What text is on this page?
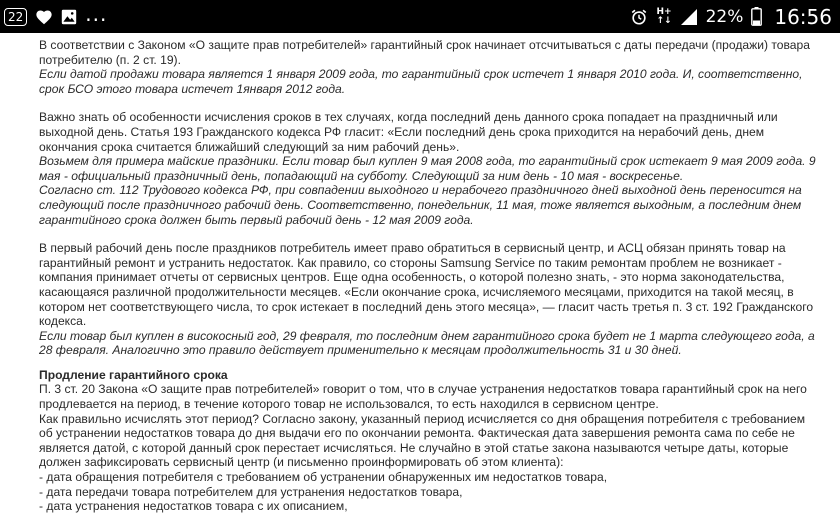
22	...	H+
↑↓ 22% 16:56

В соответствии с Законом «О защите прав потребителей» гарантийный срок начинает отсчитываться с даты передачи (продажи) товара потребителю (п. 2 ст. 19).

Если датой продажи товара является 1 января 2009 года, то гарантийный срок истечет 1 января 2010 года. И, соответственно, срок БСО этого товара истечет 1января 2012 года.

Важно знать об особенности исчисления сроков в тех случаях, когда последний день данного срока попадает на праздничный или выходной день. Статья 193 Гражданского кодекса РФ гласит: «Если последний день срока приходится на нерабочий день, днем окончания срока считается ближайший следующий за ним рабочий день».

Возьмем для примера майские праздники. Если товар был куплен 9 мая 2008 года, то гарантийный срок истекает 9 мая 2009 года. 9 мая - официальный праздничный день, попадающий на субботу. Следующий за ним день - 10 мая - воскресенье.

Согласно ст. 112 Трудового кодекса РФ, при совпадении выходного и нерабочего праздничного дней выходной день переносится на следующий после праздничного рабочий день. Соответственно, понедельник, 11 мая, тоже является выходным, а последним днем гарантийного срока должен быть первый рабочий день - 12 мая 2009 года.

В первый рабочий день после праздников потребитель имеет право обратиться в сервисный центр, и АСЦ обязан принять товар на гарантийный ремонт и устранить недостаток. Как правило, со стороны Samsung Service по таким ремонтам проблем не возникает - компания принимает отчеты от сервисных центров. Еще одна особенность, о которой полезно знать, - это норма законодательства, касающаяся различной продолжительности месяцев. «Если окончание срока, исчисляемого месяцами, приходится на такой месяц, в котором нет соответствующего числа, то срок истекает в последний день этого месяца», — гласит часть третья п. 3 ст. 192 Гражданского кодекса.

Если товар был куплен в високосный год, 29 февраля, то последним днем гарантийного срока будет не 1 марта следующего года, а 28 февраля. Аналогично это правило действует применительно к месяцам продолжительность 31 и 30 дней.

Продление гарантийного срока

П. 3 ст. 20 Закона «О защите прав потребителей» говорит о том, что в случае устранения недостатков товара гарантийный срок на него продлевается на период, в течение которого товар не использовался, то есть находился в сервисном центре.

Как правильно исчислять этот период? Согласно закону, указанный период исчисляется со дня обращения потребителя с требованием об устранении недостатков товара до дня выдачи его по окончании ремонта. Фактическая дата завершения ремонта сама по себе не является датой, с которой данный срок перестает исчисляться. Не случайно в этой статье закона называются четыре даты, которые должен зафиксировать сервисный центр (и письменно проинформировать об этом клиента):

- дата обращения потребителя с требованием об устранении обнаруженных им недостатков товара,

- дата передачи товара потребителем для устранения недостатков товара,

- дата устранения недостатков товара с их описанием,
